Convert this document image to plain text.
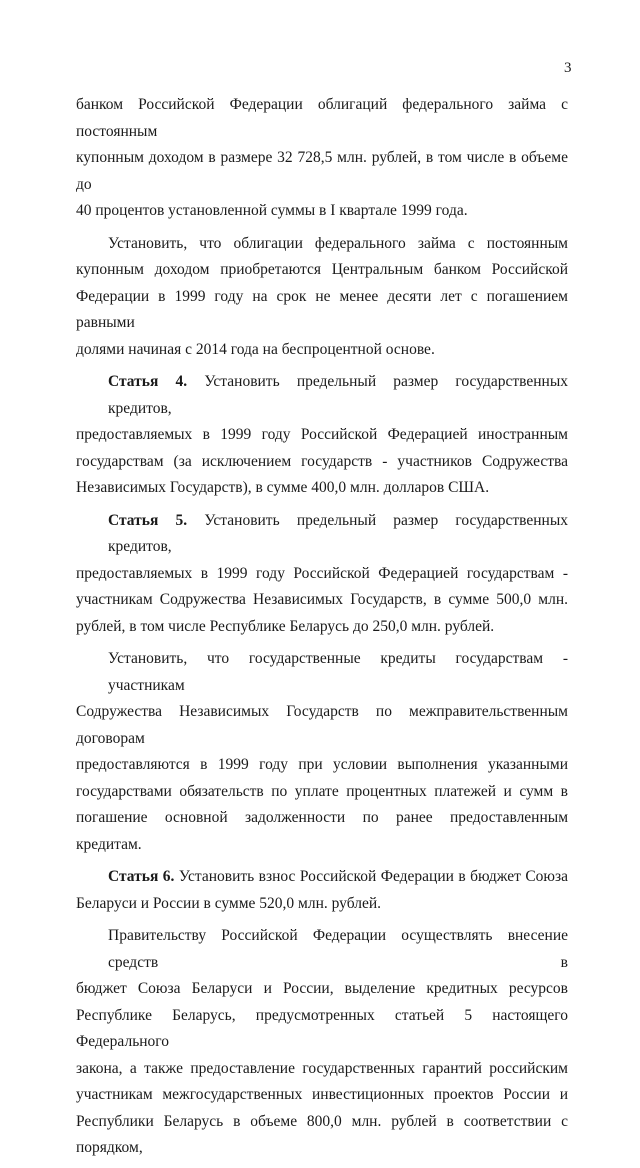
3

банком Российской Федерации облигаций федерального займа с постоянным
купонным доходом в размере 32 728,5 млн. рублей, в том числе в объеме до
40 процентов установленной суммы в I квартале 1999 года.

Установить, что облигации федерального займа с постоянным
купонным доходом приобретаются Центральным банком Российской
Федерации в 1999 году на срок не менее десяти лет с погашением равными
долями начиная с 2014 года на беспроцентной основе.

Статья 4. Установить предельный размер государственных кредитов,
предоставляемых в 1999 году Российской Федерацией иностранным
государствам (за исключением государств - участников Содружества
Независимых Государств), в сумме 400,0 млн. долларов США.

Статья 5. Установить предельный размер государственных кредитов,
предоставляемых в 1999 году Российской Федерацией государствам -
участникам Содружества Независимых Государств, в сумме 500,0 млн.
рублей, в том числе Республике Беларусь до 250,0 млн. рублей.

Установить, что государственные кредиты государствам - участникам
Содружества Независимых Государств по межправительственным договорам
предоставляются в 1999 году при условии выполнения указанными
государствами обязательств по уплате процентных платежей и сумм в
погашение основной задолженности по ранее предоставленным кредитам.

Статья 6. Установить взнос Российской Федерации в бюджет Союза
Беларуси и России в сумме 520,0 млн. рублей.

Правительству Российской Федерации осуществлять внесение средств в
бюджет Союза Беларуси и России, выделение кредитных ресурсов
Республике Беларусь, предусмотренных статьей 5 настоящего Федерального
закона, а также предоставление государственных гарантий российским
участникам межгосударственных инвестиционных проектов России и
Республики Беларусь в объеме 800,0 млн. рублей в соответствии с порядком,
